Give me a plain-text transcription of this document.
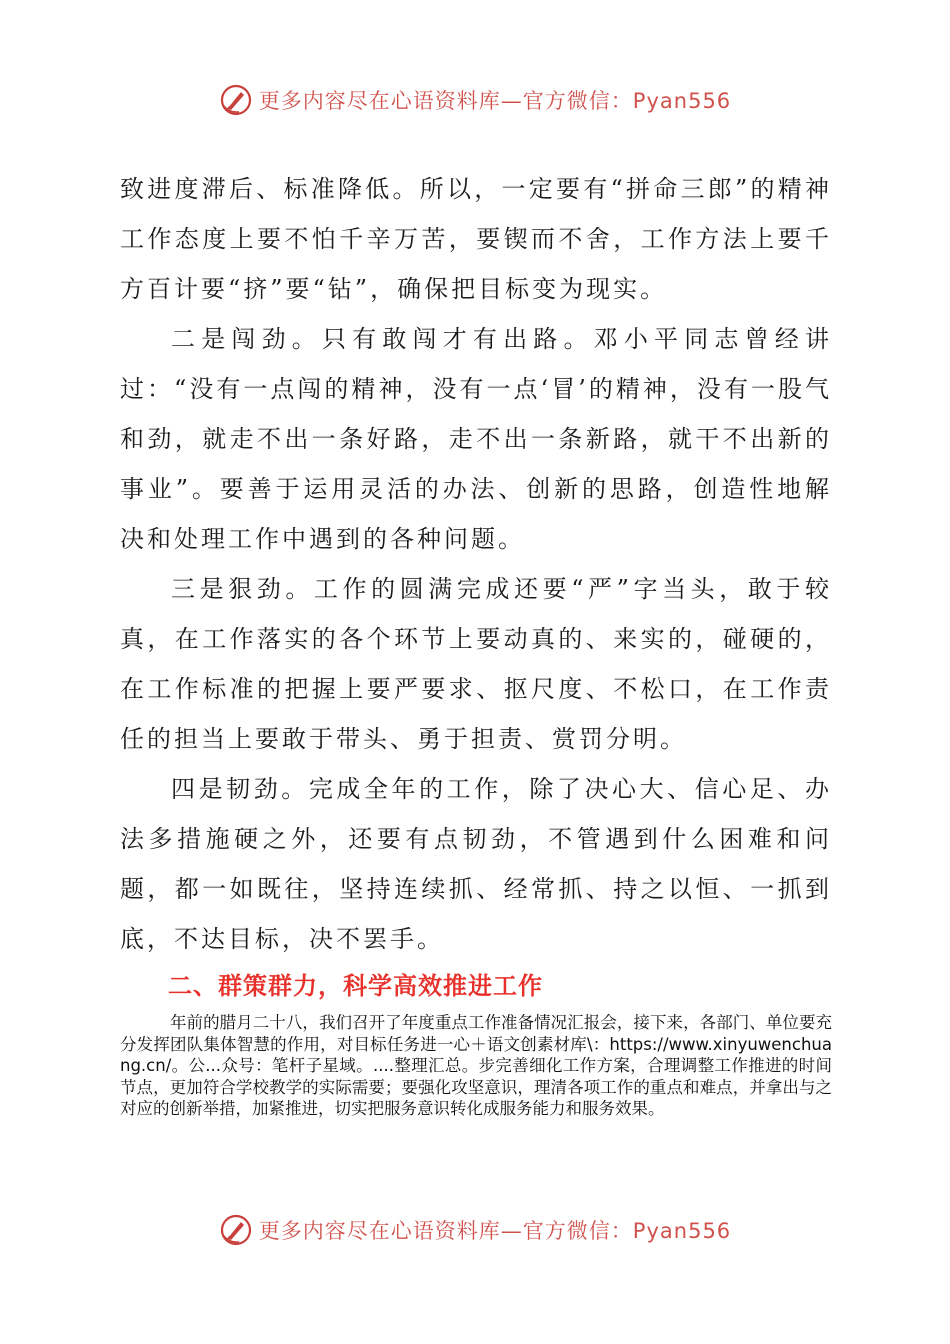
更多内容尽在心语资料库—官方微信：Pyan556

致进度滞后、标准降低。所以，一定要有“拼命三郎”的精神工作态度上要不怕千辛万苦，要锲而不舍，工作方法上要千方百计要“挤”要“钻”，确保把目标变为现实。

二是闯劲。只有敢闯才有出路。邓小平同志曾经讲过：“没有一点闯的精神，没有一点‘冒’的精神，没有一股气和劲，就走不出一条好路，走不出一条新路，就干不出新的事业”。要善于运用灵活的办法、创新的思路，创造性地解决和处理工作中遇到的各种问题。

三是狠劲。工作的圆满完成还要“严”字当头，敢于较真，在工作落实的各个环节上要动真的、来实的，碰硬的，在工作标准的把握上要严要求、抠尺度、不松口，在工作责任的担当上要敢于带头、勇于担责、赏罚分明。

四是韧劲。完成全年的工作，除了决心大、信心足、办法多措施硬之外，还要有点韧劲，不管遇到什么困难和问题，都一如既往，坚持连续抓、经常抓、持之以恒、一抓到底，不达目标，决不罢手。

二、群策群力，科学高效推进工作

年前的腊月二十八，我们召开了年度重点工作准备情况汇报会，接下来，各部门、单位要充分发挥团队集体智慧的作用，对目标任务进一心＋语文创素材库\：https://www.xinyuwenchuang.cn/。公...众号：笔杆子星域。....整理汇总。步完善细化工作方案，合理调整工作推进的时间节点，更加符合学校教学的实际需要；要强化攻坚意识，理清各项工作的重点和难点，并拿出与之对应的创新举措，加紧推进，切实把服务意识转化成服务能力和服务效果。

更多内容尽在心语资料库—官方微信：Pyan556
